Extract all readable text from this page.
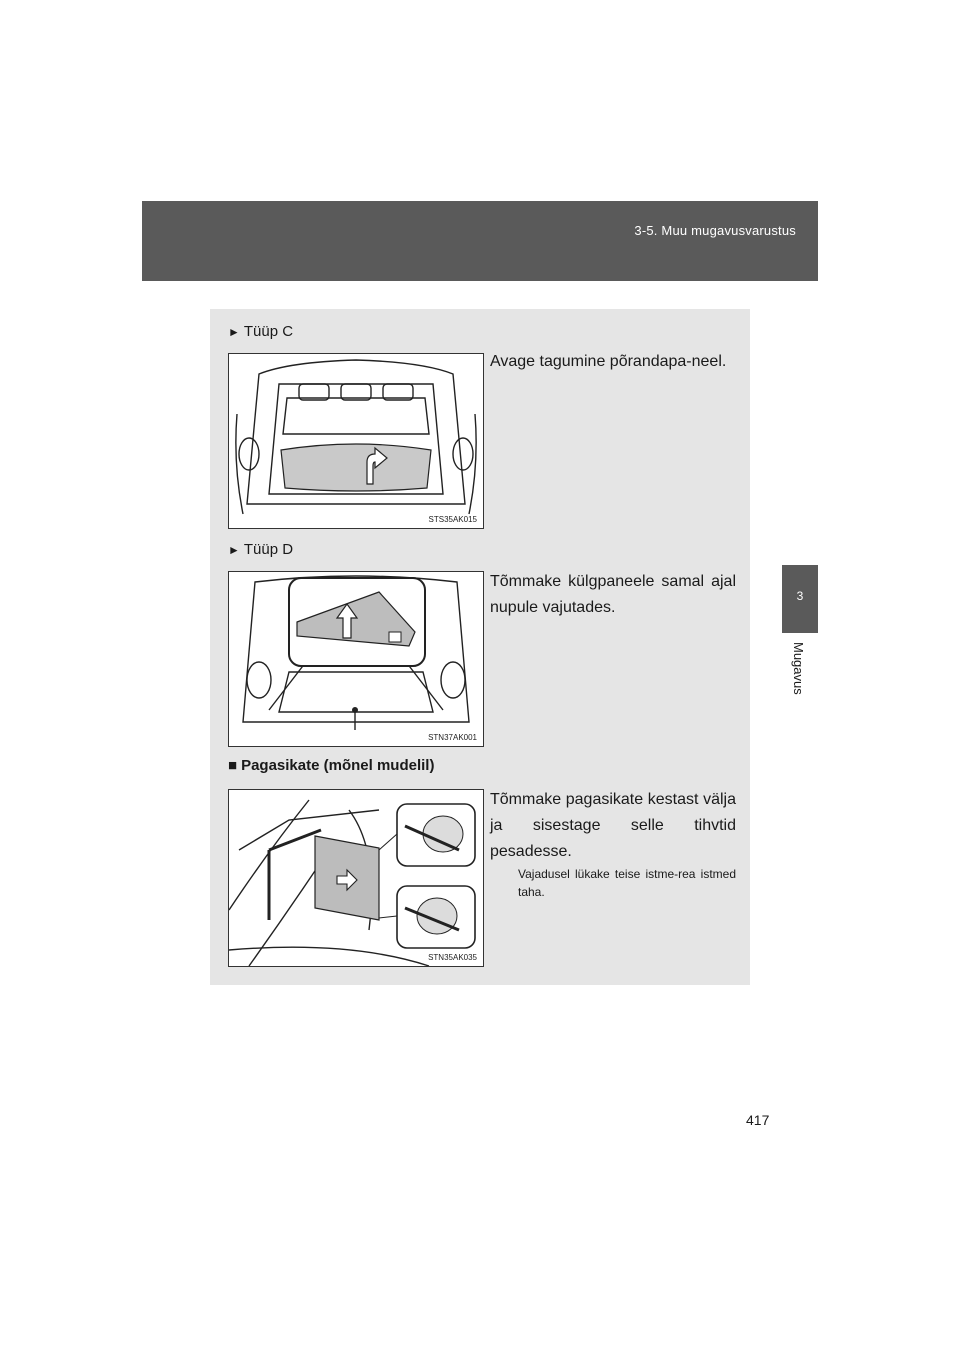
3-5. Muu mugavusvarustus
3
Mugavus
► Tüüp C
STS35AK015
Avage tagumine põrandapa-neel.
► Tüüp D
STN37AK001
Tõmmake külgpaneele samal ajal nupule vajutades.
■ Pagasikate (mõnel mudelil)
STN35AK035
Tõmmake pagasikate kestast välja ja sisestage selle tihvtid pesadesse.
Vajadusel lükake teise istme-rea istmed taha.
417
